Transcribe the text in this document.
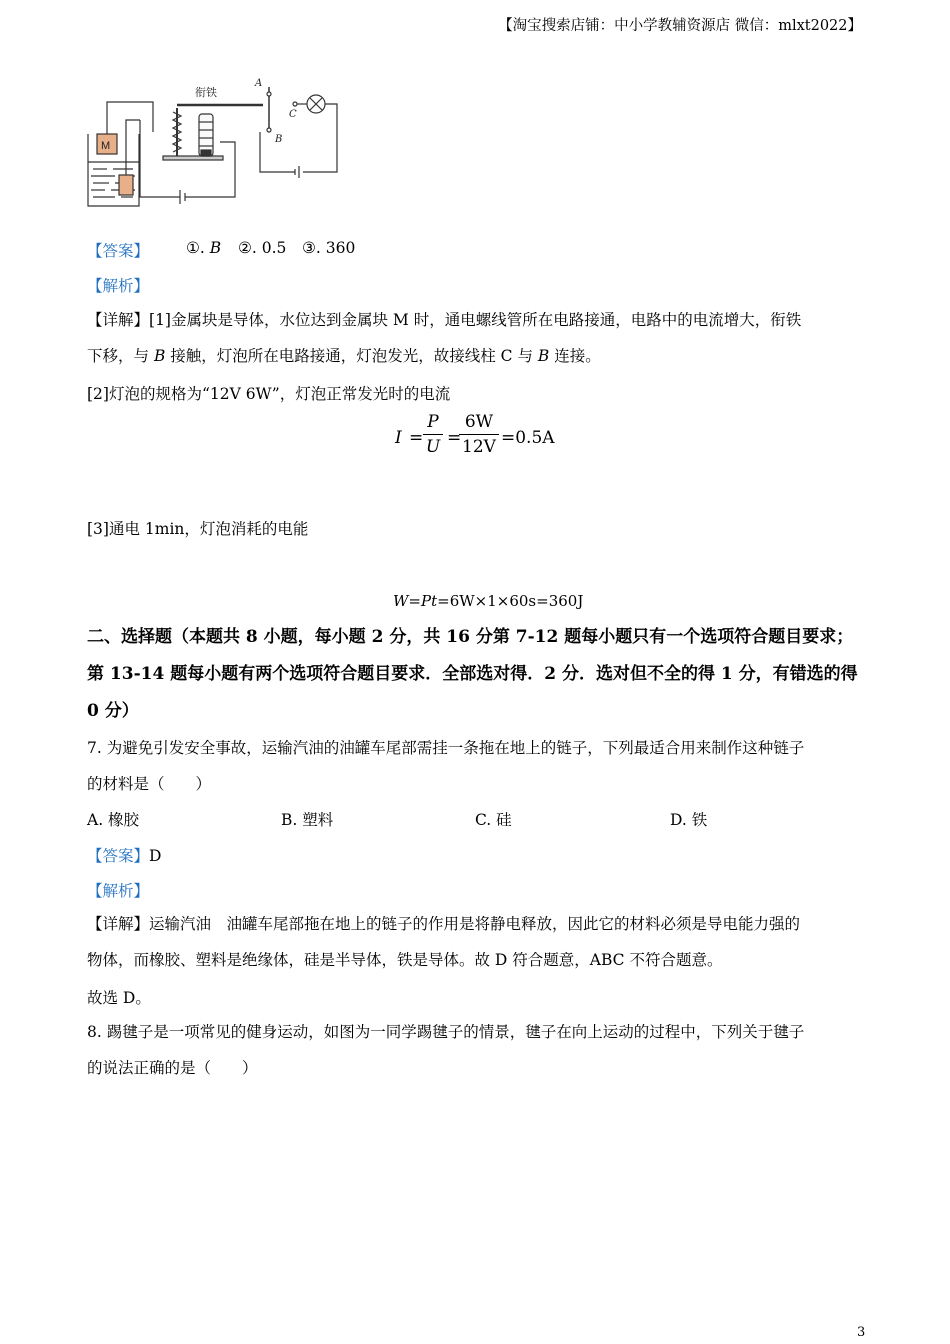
【淘宝搜索店铺：中小学教辅资源店 微信：mlxt2022】
M
衔铁
A
B
C
【答案】 ①. B ②. 0.5 ③. 360
【解析】
【详解】[1]金属块是导体，水位达到金属块 M 时，通电螺线管所在电路接通，电路中的电流增大，衔铁
下移，与 B 接触，灯泡所在电路接通，灯泡发光，故接线柱 C 与 B 连接。
[2]灯泡的规格为“12V 6W”，灯泡正常发光时的电流
I =
P
U =
6W
12V =0.5A
[3]通电 1min，灯泡消耗的电能
W=Pt=6W×1×60s=360J
二、选择题（本题共 8 小题，每小题 2 分，共 16 分第 7-12 题每小题只有一个选项符合题目要求；第 13-14 题每小题有两个选项符合题目要求．全部选对得．2 分．选对但不全的得 1 分，有错选的得 0 分）
7. 为避免引发安全事故，运输汽油的油罐车尾部需挂一条拖在地上的链子，下列最适合用来制作这种链子
的材料是（　　）
A. 橡胶	B. 塑料	C. 硅	D. 铁
【答案】D
【解析】
【详解】运输汽油　油罐车尾部拖在地上的链子的作用是将静电释放，因此它的材料必须是导电能力强的
物体，而橡胶、塑料是绝缘体，硅是半导体，铁是导体。故 D 符合题意，ABC 不符合题意。
故选 D。
8. 踢毽子是一项常见的健身运动，如图为一同学踢毽子的情景，毽子在向上运动的过程中，下列关于毽子
的说法正确的是（　　）
3
